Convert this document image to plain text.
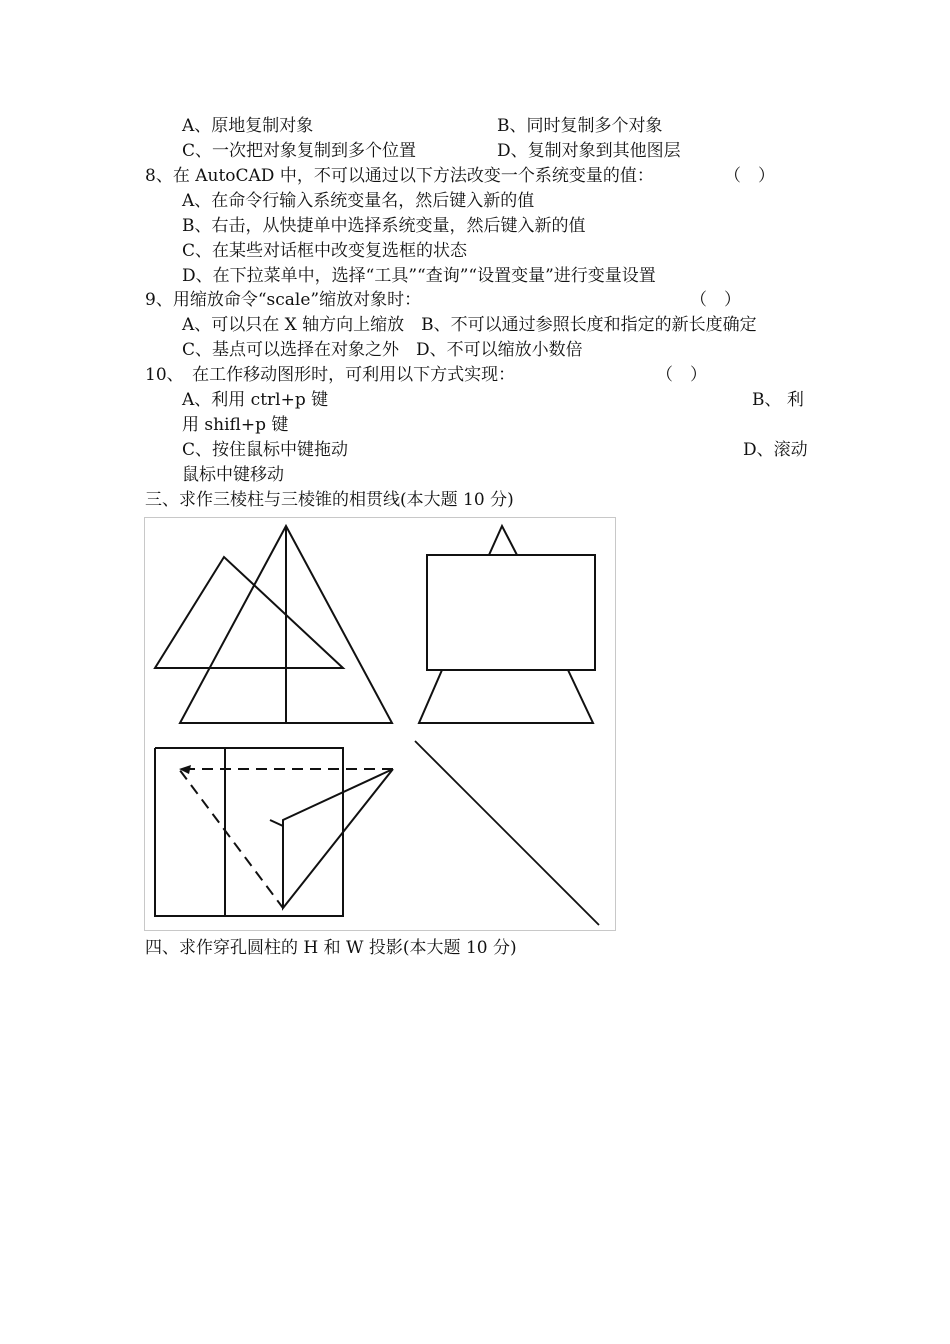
A、原地复制对象	B、同时复制多个对象
C、一次把对象复制到多个位置	D、复制对象到其他图层
8、在 AutoCAD 中，不可以通过以下方法改变一个系统变量的值：	（　）
A、在命令行输入系统变量名，然后键入新的值
B、右击，从快捷单中选择系统变量，然后键入新的值
C、在某些对话框中改变复选框的状态
D、在下拉菜单中，选择“工具”“查询”“设置变量”进行变量设置
9、用缩放命令“scale”缩放对象时：	（　）
A、可以只在 X 轴方向上缩放　B、不可以通过参照长度和指定的新长度确定
C、基点可以选择在对象之外　D、不可以缩放小数倍
10、　在工作移动图形时，可利用以下方式实现：	（　）
A、利用 ctrl+p 键	B、 利
用 shifl+p 键
C、按住鼠标中键拖动	D、滚动
鼠标中键移动
三、求作三棱柱与三棱锥的相贯线(本大题 10 分)
四、求作穿孔圆柱的 H 和 W 投影(本大题 10 分)
